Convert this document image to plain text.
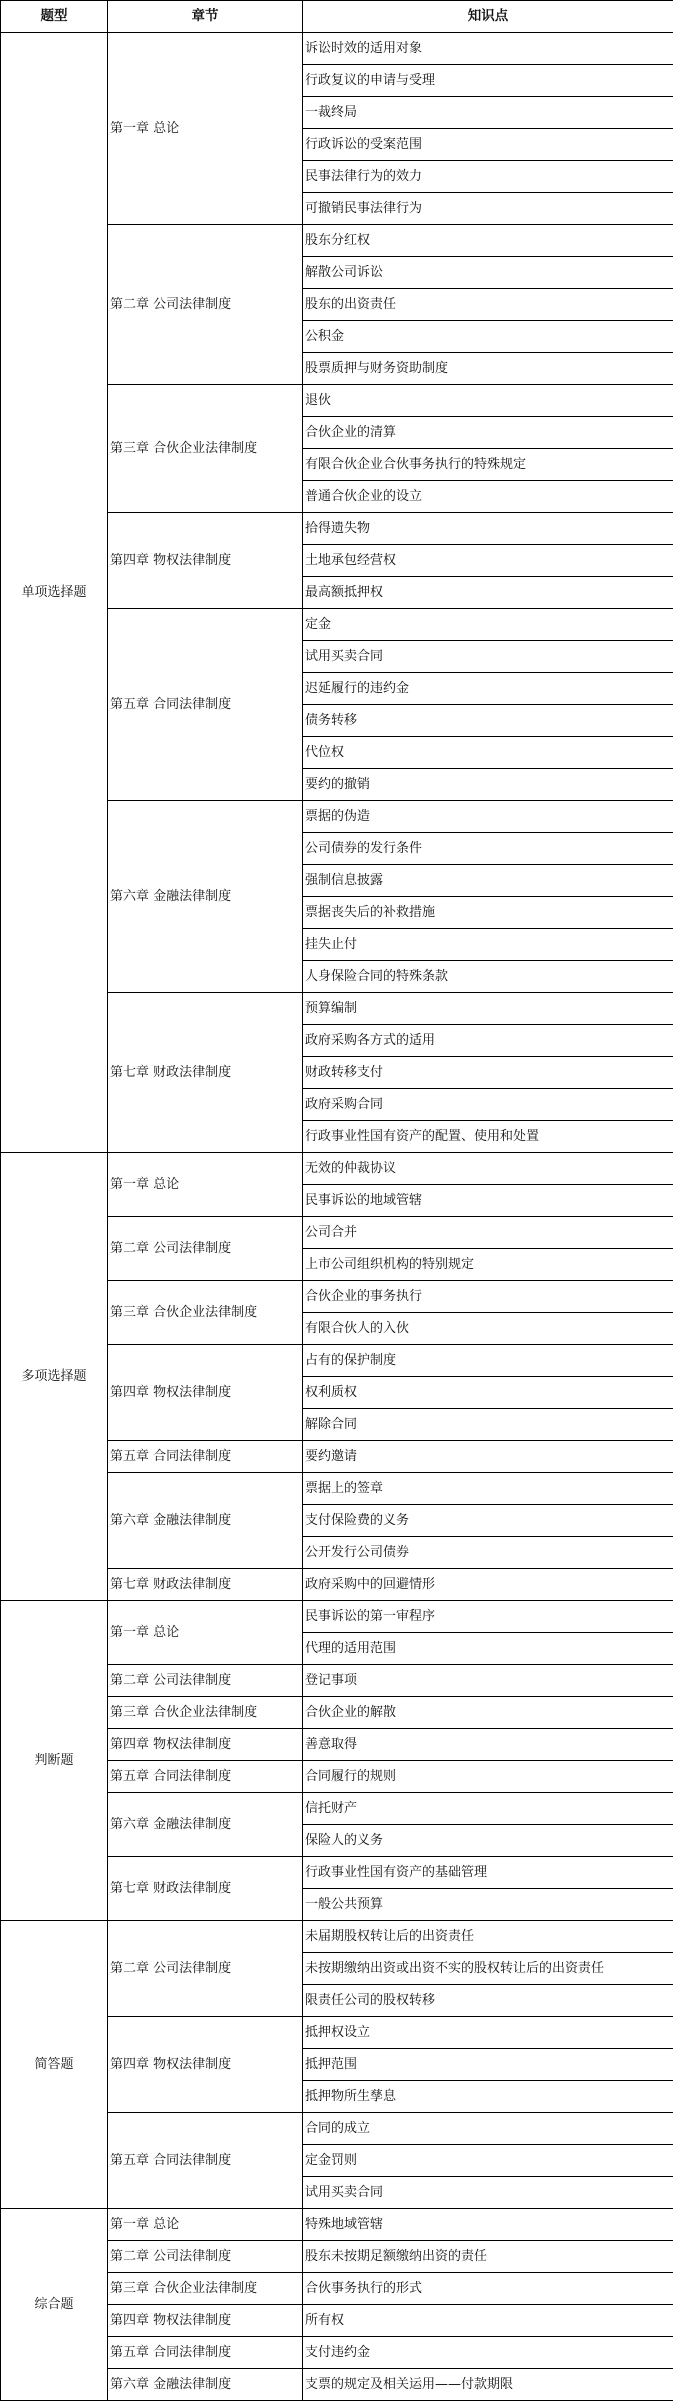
题型	章节	知识点
单项选择题	第一章 总论	诉讼时效的适用对象
		行政复议的申请与受理
		一裁终局
		行政诉讼的受案范围
		民事法律行为的效力
		可撤销民事法律行为
	第二章 公司法律制度	股东分红权
		解散公司诉讼
		股东的出资责任
		公积金
		股票质押与财务资助制度
	第三章 合伙企业法律制度	退伙
		合伙企业的清算
		有限合伙企业合伙事务执行的特殊规定
		普通合伙企业的设立
	第四章 物权法律制度	拾得遗失物
		土地承包经营权
		最高额抵押权
	第五章 合同法律制度	定金
		试用买卖合同
		迟延履行的违约金
		债务转移
		代位权
		要约的撤销
	第六章 金融法律制度	票据的伪造
		公司债券的发行条件
		强制信息披露
		票据丧失后的补救措施
		挂失止付
		人身保险合同的特殊条款
	第七章 财政法律制度	预算编制
		政府采购各方式的适用
		财政转移支付
		政府采购合同
		行政事业性国有资产的配置、使用和处置
多项选择题	第一章 总论	无效的仲裁协议
		民事诉讼的地域管辖
	第二章 公司法律制度	公司合并
		上市公司组织机构的特别规定
	第三章 合伙企业法律制度	合伙企业的事务执行
		有限合伙人的入伙
	第四章 物权法律制度	占有的保护制度
		权利质权
		解除合同
	第五章 合同法律制度	要约邀请
	第六章 金融法律制度	票据上的签章
		支付保险费的义务
		公开发行公司债券
	第七章 财政法律制度	政府采购中的回避情形
判断题	第一章 总论	民事诉讼的第一审程序
		代理的适用范围
	第二章 公司法律制度	登记事项
	第三章 合伙企业法律制度	合伙企业的解散
	第四章 物权法律制度	善意取得
	第五章 合同法律制度	合同履行的规则
	第六章 金融法律制度	信托财产
		保险人的义务
	第七章 财政法律制度	行政事业性国有资产的基础管理
		一般公共预算
简答题	第二章 公司法律制度	未届期股权转让后的出资责任
		未按期缴纳出资或出资不实的股权转让后的出资责任
		限责任公司的股权转移
	第四章 物权法律制度	抵押权设立
		抵押范围
		抵押物所生孳息
	第五章 合同法律制度	合同的成立
		定金罚则
		试用买卖合同
综合题	第一章 总论	特殊地域管辖
	第二章 公司法律制度	股东未按期足额缴纳出资的责任
	第三章 合伙企业法律制度	合伙事务执行的形式
	第四章 物权法律制度	所有权
	第五章 合同法律制度	支付违约金
	第六章 金融法律制度	支票的规定及相关运用——付款期限
